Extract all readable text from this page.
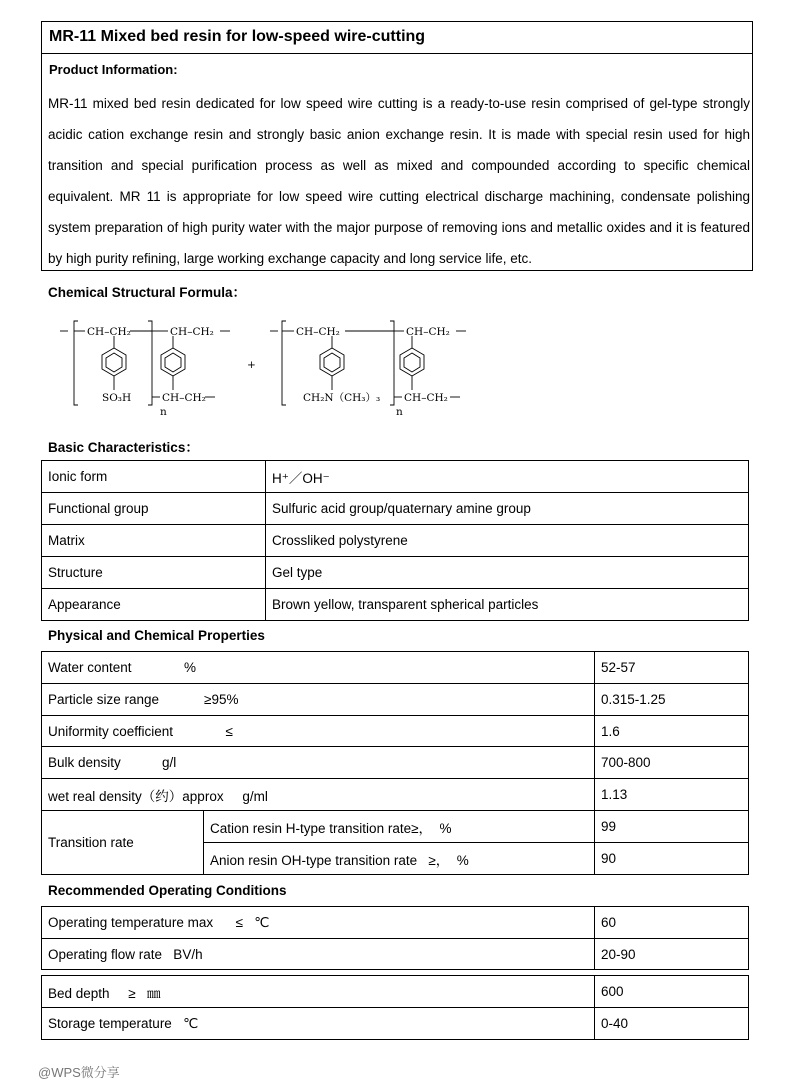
MR-11 Mixed bed resin for low-speed wire-cutting
Product Information:
MR-11 mixed bed resin dedicated for low speed wire cutting is a ready-to-use resin comprised of gel-type strongly acidic cation exchange resin and strongly basic anion exchange resin. It is made with special resin used for high transition and special purification process as well as mixed and compounded according to specific chemical equivalent. MR 11 is appropriate for low speed wire cutting electrical discharge machining, condensate polishing system preparation of high purity water with the major purpose of removing ions and metallic oxides and it is featured by high purity refining, large working exchange capacity and long service life, etc.
Chemical Structural Formula：
CH–CH₂	CH–CH₂
SO₃H	CH–CH₂
n
+
CH–CH₂	CH–CH₂
CH₂N（CH₃）₃ CH–CH₂
n
Basic Characteristics：
Ionic form	H⁺／OH⁻
Functional group	Sulfuric acid group/quaternary amine group
Matrix	Crossliked polystyrene
Structure	Gel type
Appearance	Brown yellow, transparent spherical particles
Physical and Chemical Properties
Water content              %		52-57
Particle size range            ≥95%		0.315-1.25
Uniformity coefficient              ≤		1.6
Bulk density           g/l		700-800
wet real density（约）approx     g/ml		1.13
Transition rate	Cation resin H-type transition rate≥，  %	99
	Anion resin OH-type transition rate   ≥，  %	90
Recommended Operating Conditions
Operating temperature max      ≤   ℃	60
Operating flow rate   BV/h	20-90
Bed depth     ≥   ㎜	600
Storage temperature   ℃	0-40
@WPS微分享
